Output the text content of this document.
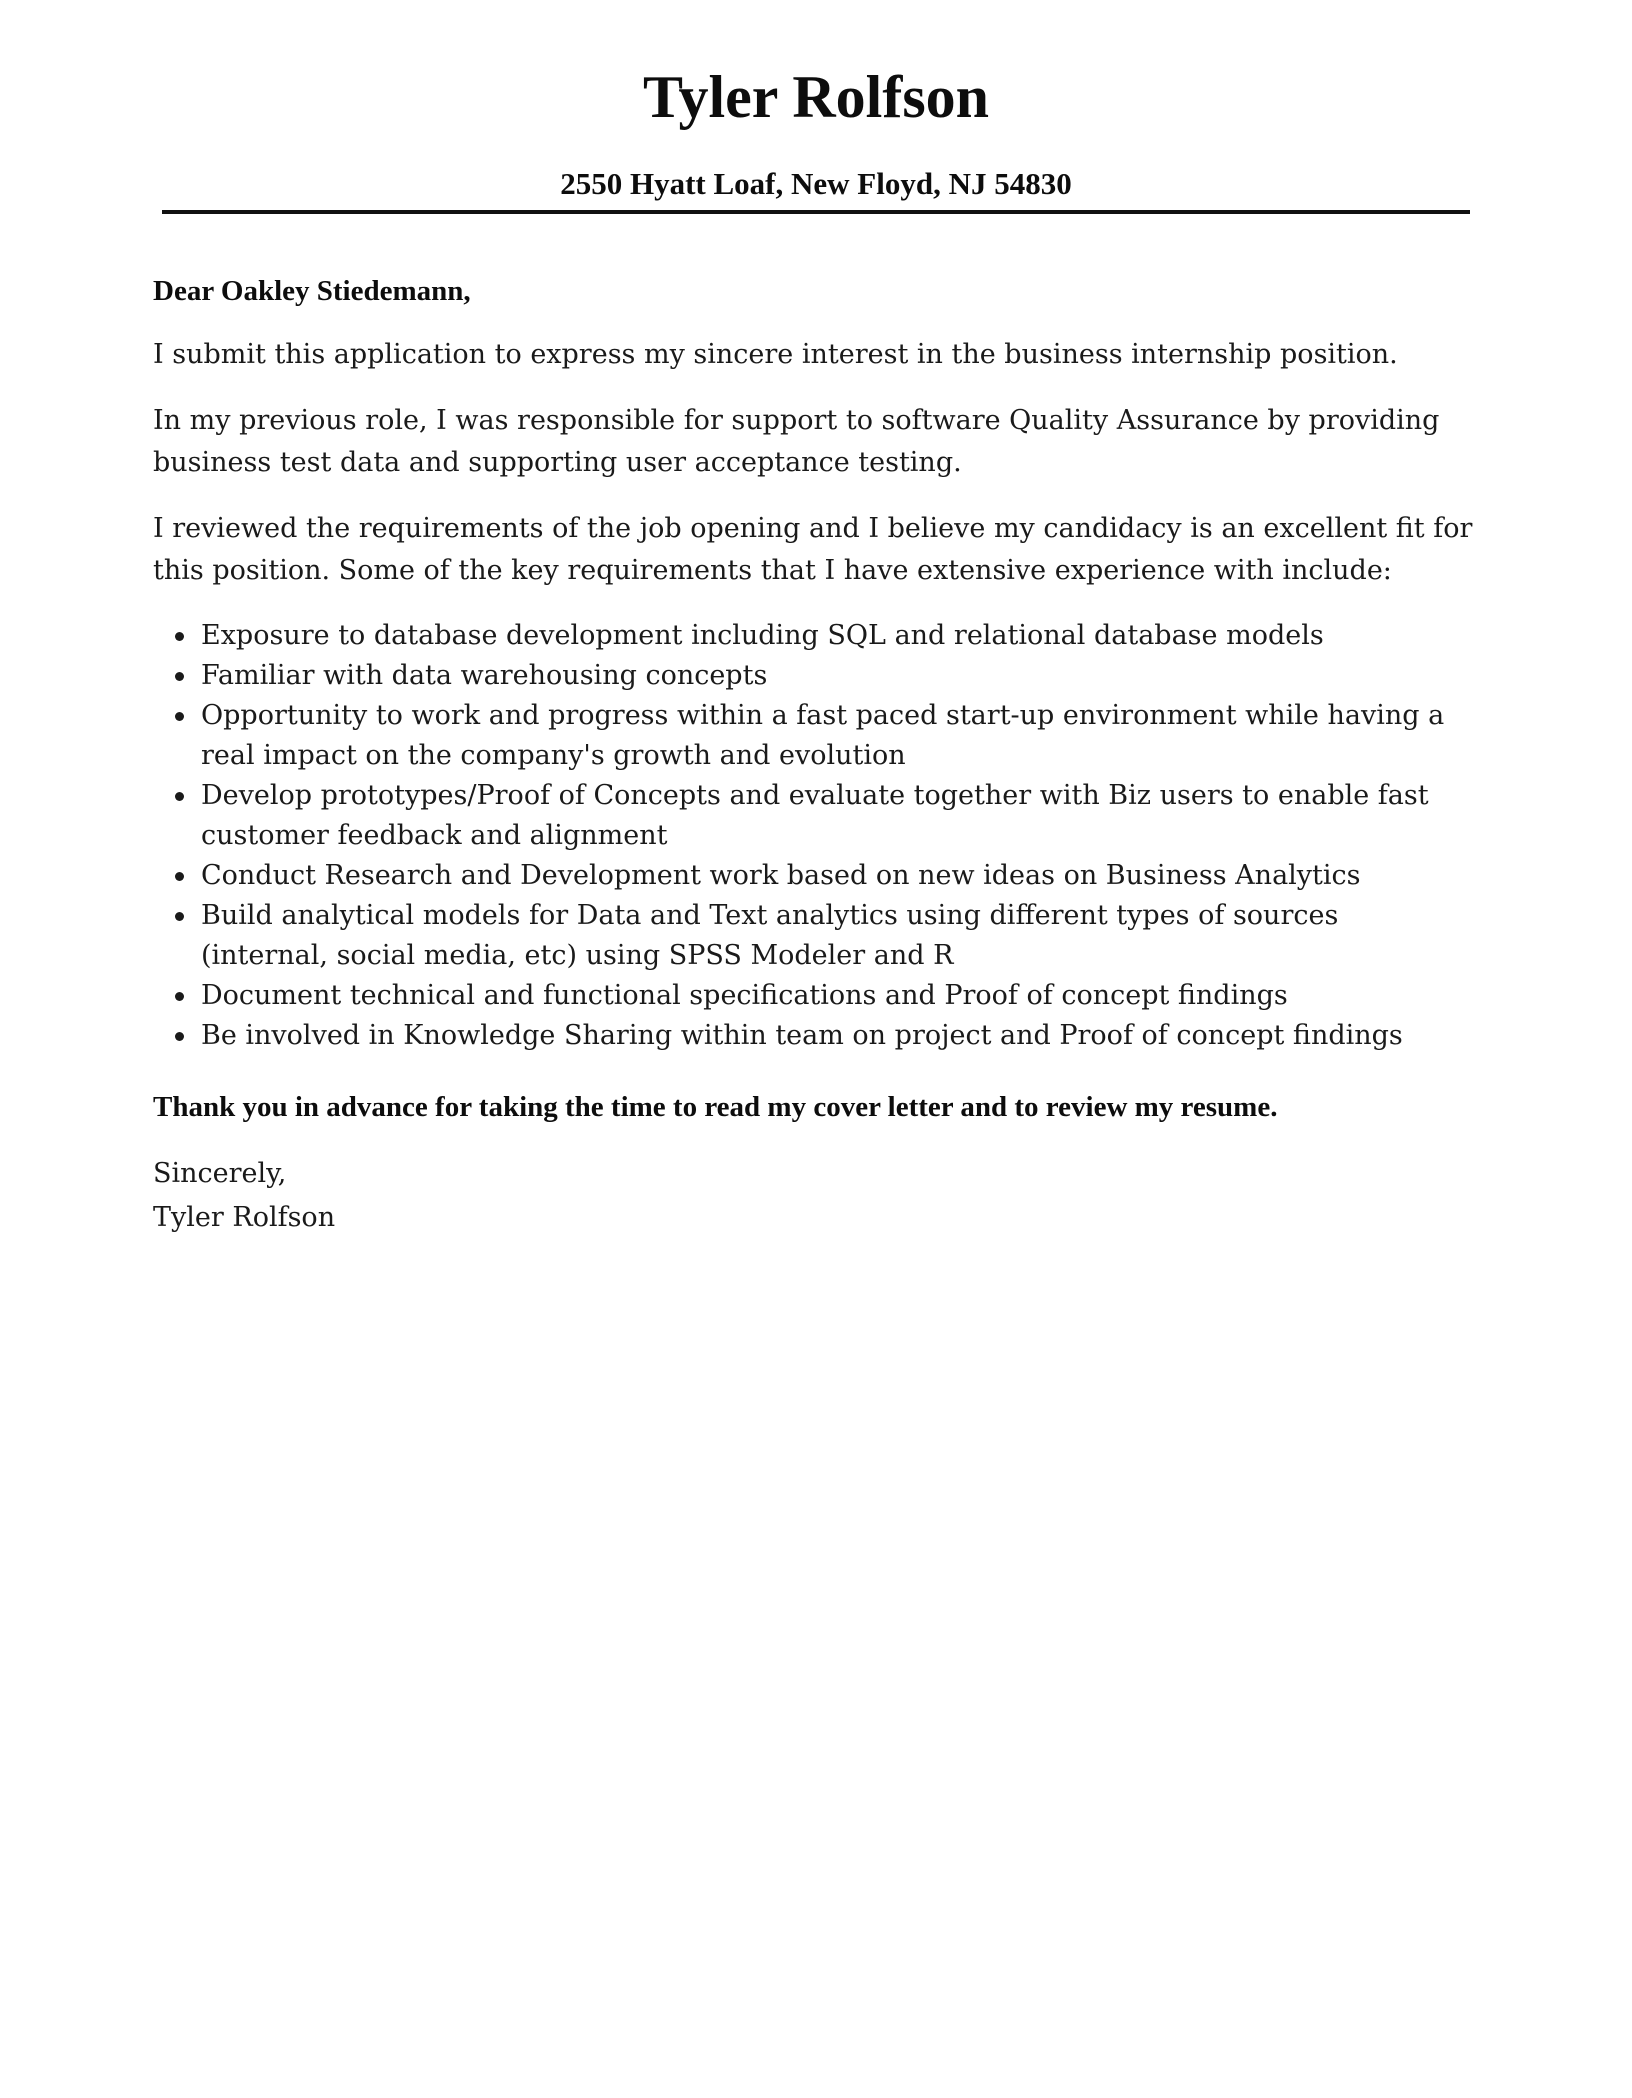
Tyler Rolfson
2550 Hyatt Loaf, New Floyd, NJ 54830
Dear Oakley Stiedemann,

I submit this application to express my sincere interest in the business internship position.

In my previous role, I was responsible for support to software Quality Assurance by providing business test data and supporting user acceptance testing.

I reviewed the requirements of the job opening and I believe my candidacy is an excellent fit for this position. Some of the key requirements that I have extensive experience with include:

Exposure to database development including SQL and relational database models
Familiar with data warehousing concepts
Opportunity to work and progress within a fast paced start-up environment while having a real impact on the company's growth and evolution
Develop prototypes/Proof of Concepts and evaluate together with Biz users to enable fast customer feedback and alignment
Conduct Research and Development work based on new ideas on Business Analytics
Build analytical models for Data and Text analytics using different types of sources (internal, social media, etc) using SPSS Modeler and R
Document technical and functional specifications and Proof of concept findings
Be involved in Knowledge Sharing within team on project and Proof of concept findings
Thank you in advance for taking the time to read my cover letter and to review my resume.
Sincerely,
Tyler Rolfson
